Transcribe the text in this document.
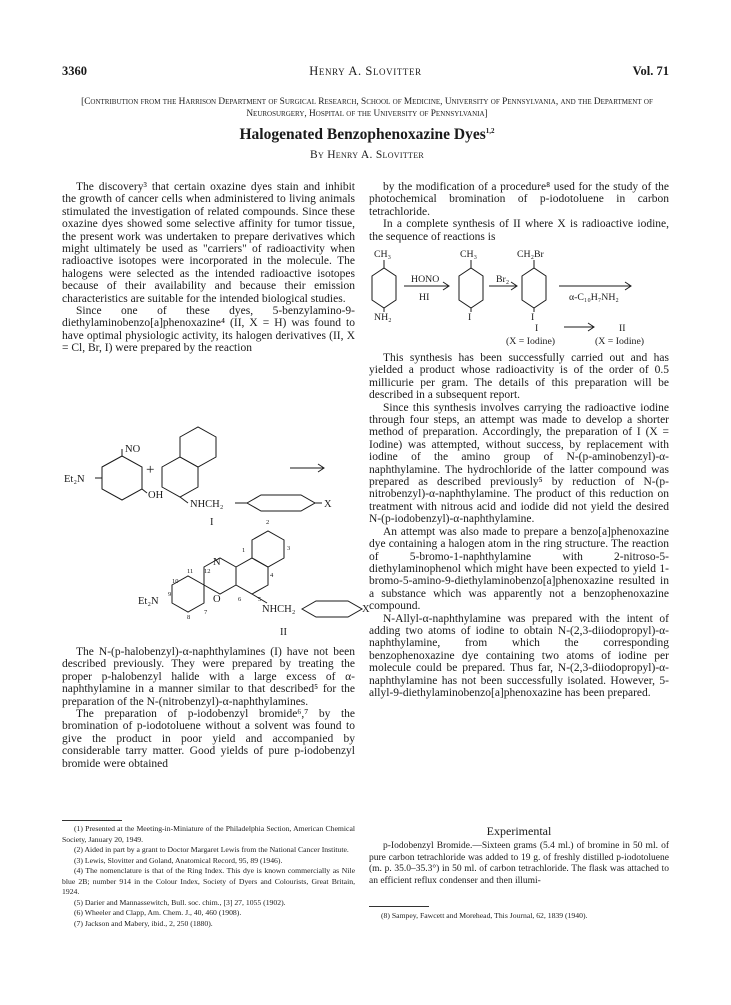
3360	Henry A. Slovitter	Vol. 71
[Contribution from the Harrison Department of Surgical Research, School of Medicine, University of Pennsylvania, and the Department of Neurosurgery, Hospital of the University of Pennsylvania]
Halogenated Benzophenoxazine Dyes$^{1,2}$
By Henry A. Slovitter

The discovery³ that certain oxazine dyes stain and inhibit the growth of cancer cells when administered to living animals stimulated the investigation of related compounds. Since these oxazine dyes showed some selective affinity for tumor tissue, the present work was undertaken to prepare derivatives which might ultimately be used as "carriers" of radioactivity when radioactive isotopes were incorporated in the molecule. The halogens were selected as the intended radioactive isotopes because of their availability and because their emission characteristics are suitable for the intended biological studies.

Since one of these dyes, 5-benzylamino-9-diethylaminobenzo[a]phenoxazine⁴ (II, X = H) was found to have optimal physiologic activity, its halogen derivatives (II, X = Cl, Br, I) were prepared by the reaction

NO
Et₂N
OH
+
NHCH₂	X
I
N
O
Et₂N
NHCH₂	X
II
2
1	3
4
5
6
7
8
9
10
11 12

The N-(p-halobenzyl)-α-naphthylamines (I) have not been described previously. They were prepared by treating the proper p-halobenzyl halide with a large excess of α-naphthylamine in a manner similar to that described⁵ for the preparation of the N-(nitrobenzyl)-α-naphthylamines.

The preparation of p-iodobenzyl bromide⁶,⁷ by the bromination of p-iodotoluene without a solvent was found to give the product in poor yield and accompanied by considerable tarry matter. Good yields of pure p-iodobenzyl bromide were obtained

(1) Presented at the Meeting-in-Miniature of the Philadelphia Section, American Chemical Society, January 20, 1949.

(2) Aided in part by a grant to Doctor Margaret Lewis from the National Cancer Institute.

(3) Lewis, Slovitter and Goland, Anatomical Record, 95, 89 (1946).

(4) The nomenclature is that of the Ring Index. This dye is known commercially as Nile blue 2B; number 914 in the Colour Index, Society of Dyers and Colourists, Great Britain, 1924.

(5) Darier and Mannassewitch, Bull. soc. chim., [3] 27, 1055 (1902).

(6) Wheeler and Clapp, Am. Chem. J., 40, 460 (1908).

(7) Jackson and Mabery, ibid., 2, 250 (1880).

by the modification of a procedure⁸ used for the study of the photochemical bromination of p-iodotoluene in carbon tetrachloride.

In a complete synthesis of II where X is radioactive iodine, the sequence of reactions is

CH₃	CH₃	CH₂Br
HONO
HI
Br₂
α-C₁₀H₇NH₂
NH₂	I	I
I	II
(X = Iodine)	(X = Iodine)

This synthesis has been successfully carried out and has yielded a product whose radioactivity is of the order of 0.5 millicurie per gram. The details of this preparation will be described in a subsequent report.

Since this synthesis involves carrying the radioactive iodine through four steps, an attempt was made to develop a shorter method of preparation. Accordingly, the preparation of I (X = Iodine) was attempted, without success, by replacement with iodine of the amino group of N-(p-aminobenzyl)-α-naphthylamine. The hydrochloride of the latter compound was prepared as described previously⁵ by reduction of N-(p-nitrobenzyl)-α-naphthylamine. The product of this reduction on treatment with nitrous acid and iodide did not yield the desired N-(p-iodobenzyl)-α-naphthylamine.

An attempt was also made to prepare a benzo[a]phenoxazine dye containing a halogen atom in the ring structure. The reaction of 5-bromo-1-naphthylamine with 2-nitroso-5-diethylaminophenol which might have been expected to yield 1-bromo-5-amino-9-diethylaminobenzo[a]phenoxazine resulted in a substance which was apparently not a benzophenoxazine compound.

N-Allyl-α-naphthylamine was prepared with the intent of adding two atoms of iodine to obtain N-(2,3-diiodopropyl)-α-naphthylamine, from which the corresponding benzophenoxazine dye containing two atoms of iodine per molecule could be prepared. Thus far, N-(2,3-diiodopropyl)-α-naphthylamine has not been successfully isolated. However, 5-allyl-9-diethylaminobenzo[a]phenoxazine has been prepared.

Experimental

p-Iodobenzyl Bromide.—Sixteen grams (5.4 ml.) of bromine in 50 ml. of pure carbon tetrachloride was added to 19 g. of freshly distilled p-iodotoluene (m. p. 35.0–35.3°) in 50 ml. of carbon tetrachloride. The flask was attached to an efficient reflux condenser and then illumi-

(8) Sampey, Fawcett and Morehead, This Journal, 62, 1839 (1940).
